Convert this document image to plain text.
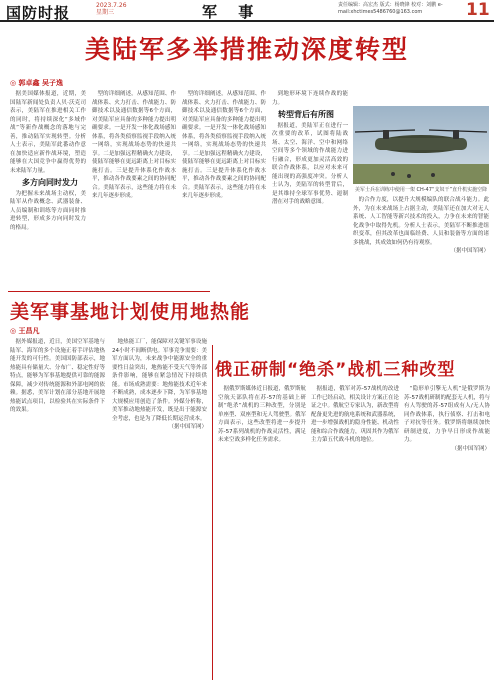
国防时报	2023.7.26
星期三	军 事	责任编辑：高宏杰 版式：杨晓锋 校对：刘鹏 e-mail:xhctimes5486760@163.com	11
美陆军多举措推动深度转型
◎ 郭卓鑫 吴子逸

据美国媒体报道，近期，美国陆军新闻处负责人贝·沃克司表示，美陆军在推进相关工作的同时，将持续深化“多域作战”等新作战概念的落地与完善，推动陆军实现转型。分析人士表示，美陆军此番动作意在加快适应新作战环境，塑造能够在大国竞争中赢得优势的未来陆军力量。

多方向同时发力

为把握未来战场主动权，美陆军从作战概念、武器装备、人员编制和训练等方面同时推进转型，形成多方向同时发力的格局。

型的详细阐述，从感知范围、作战体系、火力打击、作战能力、防御技术以及通信数据等6个方面，对美陆军应具备的多种能力提出明确要求。一是开发一体化战场感知体系，将各类侦察监视手段纳入统一网络，实现战场态势的快速共享。二是加强远程精确火力建设，使陆军能够在更远距离上对目标实施打击。三是提升体系化作战水平，推动各作战要素之间的协同配合。美陆军表示，这些能力将在未来几年逐步形成。

型的详细阐述，从感知范围、作战体系、火力打击、作战能力、防御技术以及通信数据等6个方面，对美陆军应具备的多种能力提出明确要求。一是开发一体化战场感知体系，将各类侦察监视手段纳入统一网络，实现战场态势的快速共享。二是加强远程精确火力建设，使陆军能够在更远距离上对目标实施打击。三是提升体系化作战水平，推动各作战要素之间的协同配合。美陆军表示，这些能力将在未来几年逐步形成。

到地形环境下连续作战的能力。

转型背后有所图

据报道，美陆军正在进行一次重要的改革，试图将陆战场、太空、海洋、空中和网络空间等多个领域的作战能力进行融合，形成更加灵活高效的联合作战体系，以应对未来可能出现的高强度冲突。分析人士认为，美陆军的转型背后，是其维持全球军事优势、遏制潜在对手的战略意图。

美军士兵在训练中使用一架 CH-47“支奴干”直升机实施空降

的合作力度，以提升大规模编队的联合战斗能力。此外，为在未来战场上占据主动，美陆军还在加大对无人系统、人工智能等新兴技术的投入，力争在未来的智能化战争中取得先机。分析人士表示，美陆军不断推进组织变革，但其改革也面临经费、人员和装备等方面的诸多挑战，其成效如何仍有待观察。

（据中国军网）
美军事基地计划使用地热能
◎ 王昌凡

据外媒报道，近日，美国空军基地与陆军、海军的多个设施正着手评估地热能开发的可行性。美国国防部表示，地热能具有储量大、分布广、稳定性好等特点，能够为军事基地提供可靠的能源保障，减少对传统能源和外部电网的依赖。据悉，美军计划在部分基地开展地热能试点项目，以检验其在实际条件下的效果。

地热能工厂，能保障对关键军事设施24小时不间断供电。军事竞争需要：美军方面认为，未来战争中能源安全的重要性日益突出，地热能不受天气等外部条件影响，能够在紧急情况下持续供能。市场成熟需要：地热能技术近年来不断成熟，成本逐步下降，为军事基地大规模应用创造了条件。外媒分析称，美军推动地热能开发，既是出于能源安全考虑，也是为了降低长期运营成本。

（据中国军网）
俄正研制“绝杀”战机三种改型

据俄罗斯媒体近日报道，俄罗斯航空航天部队将在苏-57的基础上研制“绝杀”战机的三种改型，分别是单座型、双座型和无人驾驶型。俄军方面表示，这些改型将进一步提升苏-57系列战机的作战灵活性，满足未来空战多样化任务需求。

据报道，俄军对苏-57战机的改进工作已经启动，相关设计方案正在论证之中。俄航空专家认为，新改型将配备更先进的航电系统和武器系统，进一步增强战机的隐身性能、机动性能和综合作战能力，巩固其作为俄军主力第五代战斗机的地位。

“隐形单引擎无人机”是俄罗斯为苏-57战机研制的配套无人机，将与有人驾驶的苏-57组成有人/无人协同作战体系，执行侦察、打击和电子对抗等任务。俄罗斯将继续加快研制进度，力争早日形成作战能力。

（据中国军网）
